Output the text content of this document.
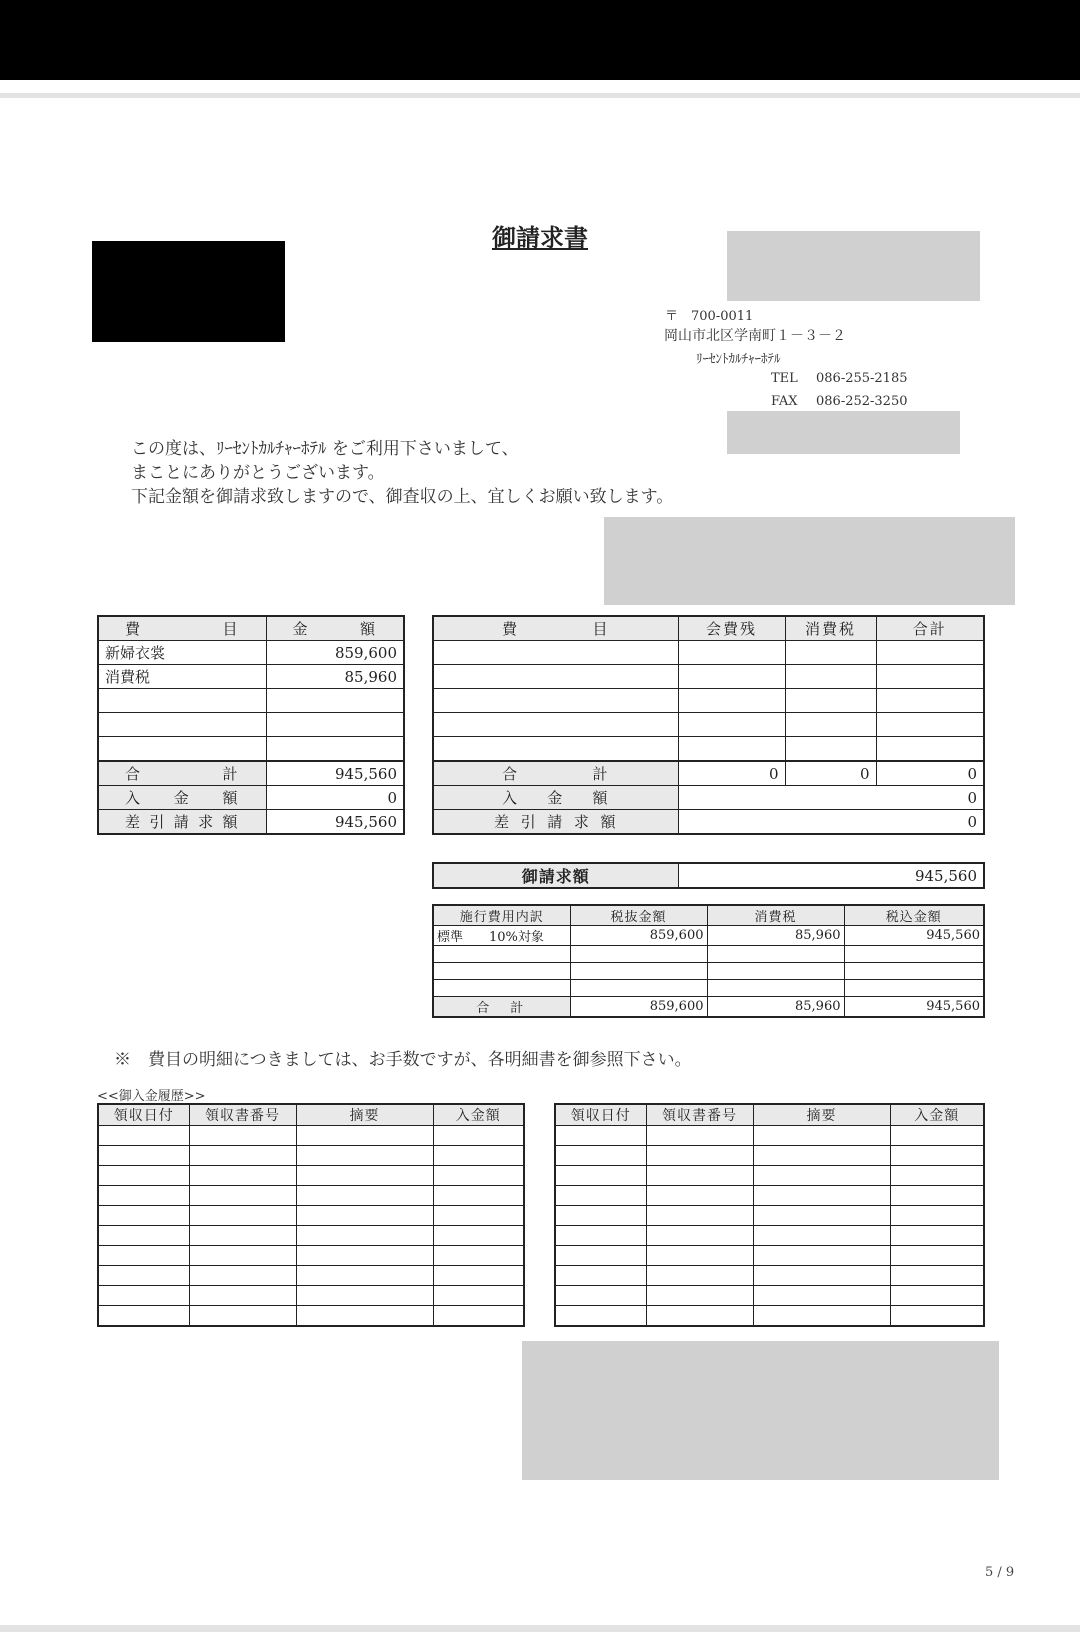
御請求書
〒　700-0011
岡山市北区学南町１－３－２
ﾘｰｾﾝﾄｶﾙﾁｬｰﾎﾃﾙ
TEL 086-255-2185
FAX 086-252-3250
この度は、ﾘｰｾﾝﾄｶﾙﾁｬｰﾎﾃﾙ をご利用下さいまして、
まことにありがとうございます。
下記金額を御請求致しますので、御査収の上、宜しくお願い致します。
費　目	金　額
新婦衣裳	859,600
消費税	85,960

合計	945,560
入金額	0
差引請求額	945,560
費　目	会費残	消費税	合計

合計	0	0	0
入金額	0		
差引請求額	0		
御請求額	945,560
施行費用内訳	税抜金額	消費税	税込金額
標準　　10%対象	859,600	85,960	945,560

合　計	859,600	85,960	945,560
※　費目の明細につきましては、お手数ですが、各明細書を御参照下さい。
<<御入金履歴>>
領収日付	領収書番号	摘要	入金額

				領収日付	領収書番号	摘要	入金額

5 / 9
